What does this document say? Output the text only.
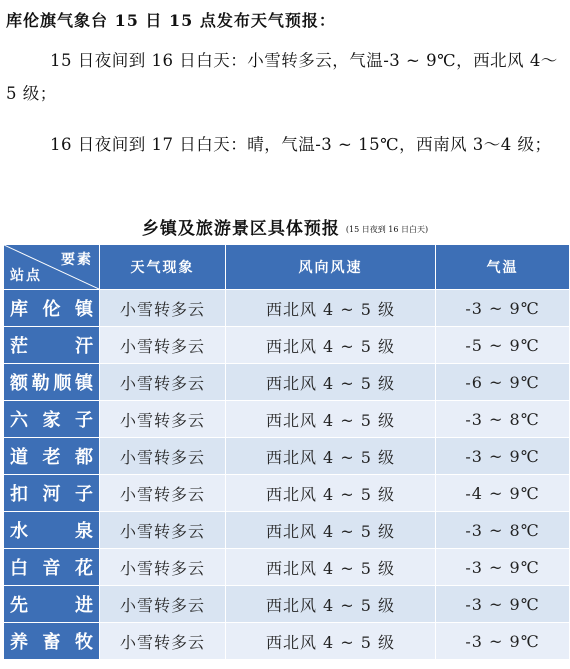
库伦旗气象台 15 日 15 点发布天气预报：
15 日夜间到 16 日白天：小雪转多云，气温-3 ~ 9℃，西北风 4～5 级；
16 日夜间到 17 日白天：晴，气温-3 ~ 15℃，西南风 3～4 级；
乡镇及旅游景区具体预报 (15 日夜到 16 日白天)
要素
站点	天气现象	风向风速	气温
库伦镇	小雪转多云	西北风 4 ~ 5 级	-3 ~ 9℃
茫汗	小雪转多云	西北风 4 ~ 5 级	-5 ~ 9℃
额勒顺镇	小雪转多云	西北风 4 ~ 5 级	-6 ~ 9℃
六家子	小雪转多云	西北风 4 ~ 5 级	-3 ~ 8℃
道老都	小雪转多云	西北风 4 ~ 5 级	-3 ~ 9℃
扣河子	小雪转多云	西北风 4 ~ 5 级	-4 ~ 9℃
水泉	小雪转多云	西北风 4 ~ 5 级	-3 ~ 8℃
白音花	小雪转多云	西北风 4 ~ 5 级	-3 ~ 9℃
先进	小雪转多云	西北风 4 ~ 5 级	-3 ~ 9℃
养畜牧	小雪转多云	西北风 4 ~ 5 级	-3 ~ 9℃
